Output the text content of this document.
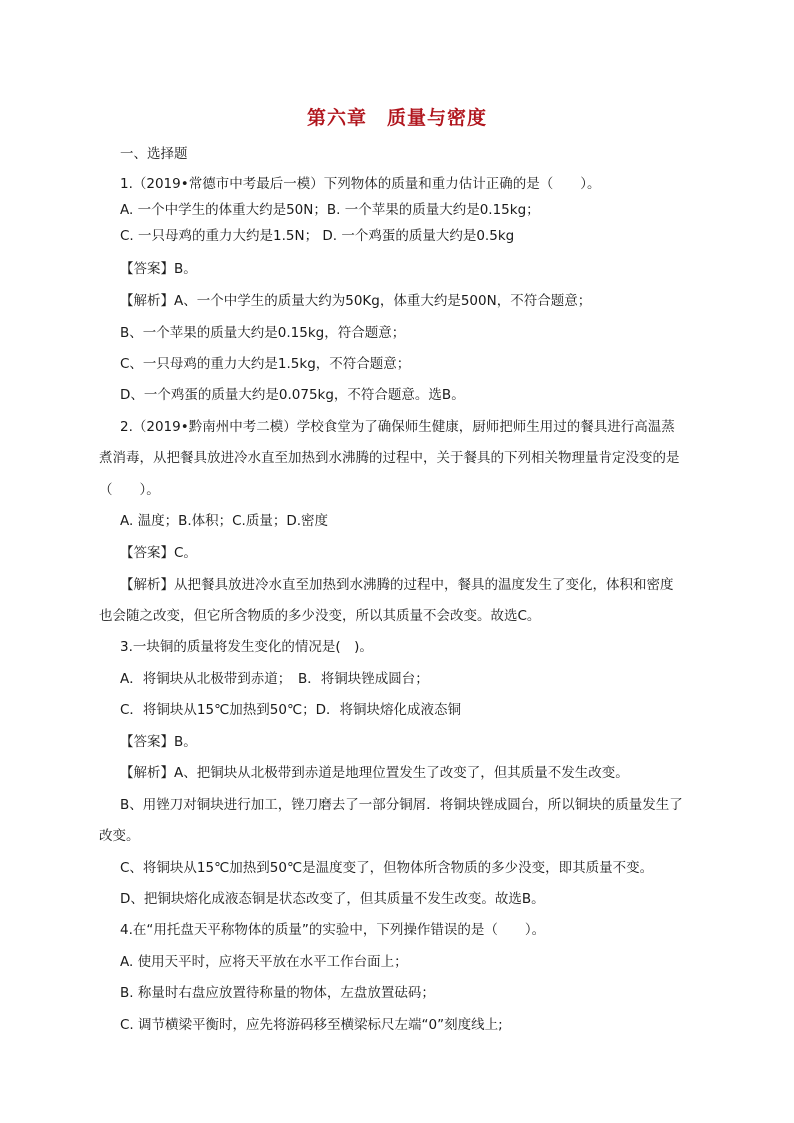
第六章　质量与密度
一、选择题
1.（2019•常德市中考最后一模）下列物体的质量和重力估计正确的是（　　）。
A. 一个中学生的体重大约是50N；B. 一个苹果的质量大约是0.15kg；
C. 一只母鸡的重力大约是1.5N； D. 一个鸡蛋的质量大约是0.5kg
【答案】B。
【解析】A、一个中学生的质量大约为50Kg，体重大约是500N，不符合题意；
B、一个苹果的质量大约是0.15kg，符合题意；
C、一只母鸡的重力大约是1.5kg，不符合题意；
D、一个鸡蛋的质量大约是0.075kg，不符合题意。选B。
2.（2019•黔南州中考二模）学校食堂为了确保师生健康，厨师把师生用过的餐具进行高温蒸
煮消毒，从把餐具放进冷水直至加热到水沸腾的过程中，关于餐具的下列相关物理量肯定没变的是
（　　）。
A. 温度；B.体积；C.质量；D.密度
【答案】C。
【解析】从把餐具放进冷水直至加热到水沸腾的过程中，餐具的温度发生了变化，体积和密度
也会随之改变，但它所含物质的多少没变，所以其质量不会改变。故选C。
3.一块铜的质量将发生变化的情况是(　)。
A．将铜块从北极带到赤道；　B．将铜块锉成圆台；
C．将铜块从15℃加热到50℃；D．将铜块熔化成液态铜
【答案】B。
【解析】A、把铜块从北极带到赤道是地理位置发生了改变了，但其质量不发生改变。
B、用锉刀对铜块进行加工，锉刀磨去了一部分铜屑．将铜块锉成圆台，所以铜块的质量发生了
改变。
C、将铜块从15℃加热到50℃是温度变了，但物体所含物质的多少没变，即其质量不变。
D、把铜块熔化成液态铜是状态改变了，但其质量不发生改变。故选B。
4.在“用托盘天平称物体的质量”的实验中，下列操作错误的是（　　）。
A. 使用天平时，应将天平放在水平工作台面上；
B. 称量时右盘应放置待称量的物体，左盘放置砝码；
C. 调节横梁平衡时，应先将游码移至横梁标尺左端“0”刻度线上;
